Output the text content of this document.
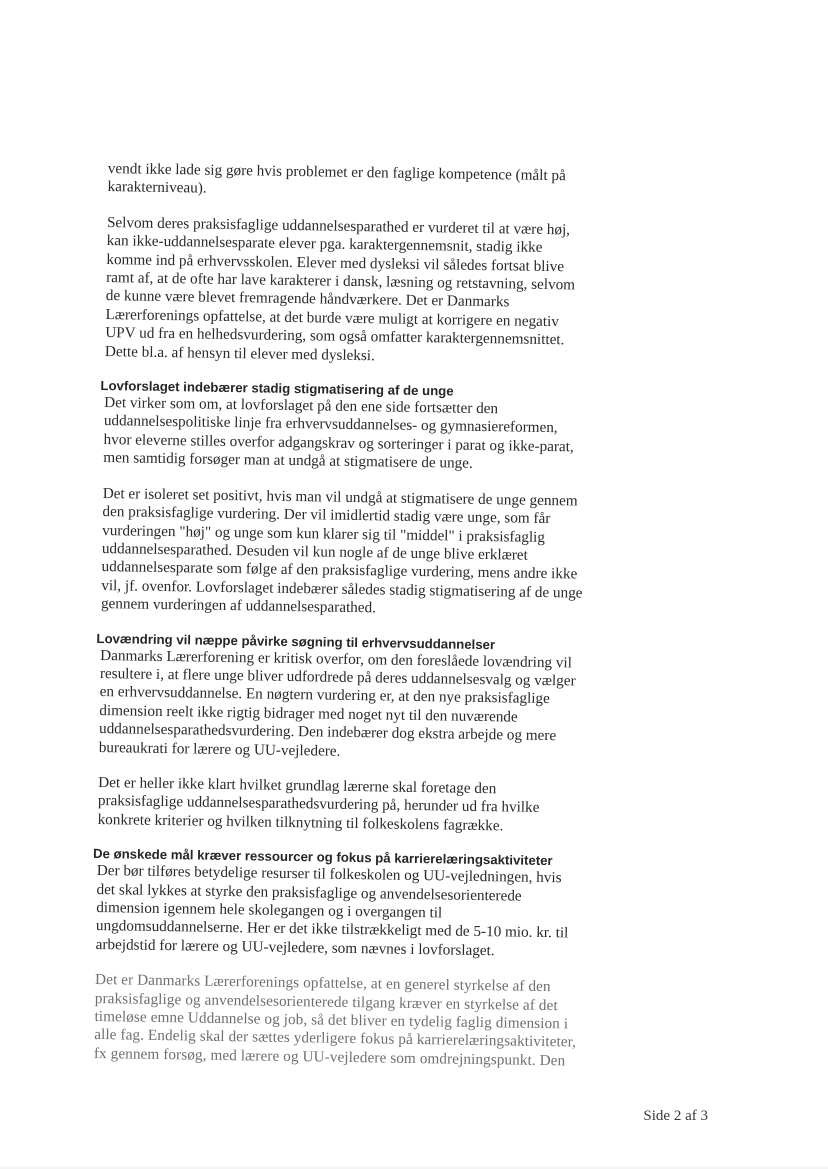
vendt ikke lade sig gøre hvis problemet er den faglige kompetence (målt på karakterniveau).

Selvom deres praksisfaglige uddannelsesparathed er vurderet til at være høj, kan ikke-uddannelsesparate elever pga. karaktergennemsnit, stadig ikke komme ind på erhvervsskolen. Elever med dysleksi vil således fortsat blive ramt af, at de ofte har lave karakterer i dansk, læsning og retstavning, selvom de kunne være blevet fremragende håndværkere. Det er Danmarks Lærerforenings opfattelse, at det burde være muligt at korrigere en negativ UPV ud fra en helhedsvurdering, som også omfatter karaktergennemsnittet. Dette bl.a. af hensyn til elever med dysleksi.

Lovforslaget indebærer stadig stigmatisering af de unge

Det virker som om, at lovforslaget på den ene side fortsætter den uddannelsespolitiske linje fra erhvervsuddannelses- og gymnasiereformen, hvor eleverne stilles overfor adgangskrav og sorteringer i parat og ikke-parat, men samtidig forsøger man at undgå at stigmatisere de unge.

Det er isoleret set positivt, hvis man vil undgå at stigmatisere de unge gennem den praksisfaglige vurdering. Der vil imidlertid stadig være unge, som får vurderingen "høj" og unge som kun klarer sig til "middel" i praksisfaglig uddannelsesparathed. Desuden vil kun nogle af de unge blive erklæret uddannelsesparate som følge af den praksisfaglige vurdering, mens andre ikke vil, jf. ovenfor. Lovforslaget indebærer således stadig stigmatisering af de unge gennem vurderingen af uddannelsesparathed.

Lovændring vil næppe påvirke søgning til erhvervsuddannelser

Danmarks Lærerforening er kritisk overfor, om den foreslåede lovændring vil resultere i, at flere unge bliver udfordrede på deres uddannelsesvalg og vælger en erhvervsuddannelse. En nøgtern vurdering er, at den nye praksisfaglige dimension reelt ikke rigtig bidrager med noget nyt til den nuværende uddannelsesparathedsvurdering. Den indebærer dog ekstra arbejde og mere bureaukrati for lærere og UU-vejledere.

Det er heller ikke klart hvilket grundlag lærerne skal foretage den praksisfaglige uddannelsesparathedsvurdering på, herunder ud fra hvilke konkrete kriterier og hvilken tilknytning til folkeskolens fagrække.

De ønskede mål kræver ressourcer og fokus på karrierelæringsaktiviteter

Der bør tilføres betydelige resurser til folkeskolen og UU-vejledningen, hvis det skal lykkes at styrke den praksisfaglige og anvendelsesorienterede dimension igennem hele skolegangen og i overgangen til ungdomsuddannelserne. Her er det ikke tilstrækkeligt med de 5-10 mio. kr. til arbejdstid for lærere og UU-vejledere, som nævnes i lovforslaget.

Det er Danmarks Lærerforenings opfattelse, at en generel styrkelse af den praksisfaglige og anvendelsesorienterede tilgang kræver en styrkelse af det timeløse emne Uddannelse og job, så det bliver en tydelig faglig dimension i alle fag. Endelig skal der sættes yderligere fokus på karrierelæringsaktiviteter, fx gennem forsøg, med lærere og UU-vejledere som omdrejningspunkt. Den

Side 2 af 3
